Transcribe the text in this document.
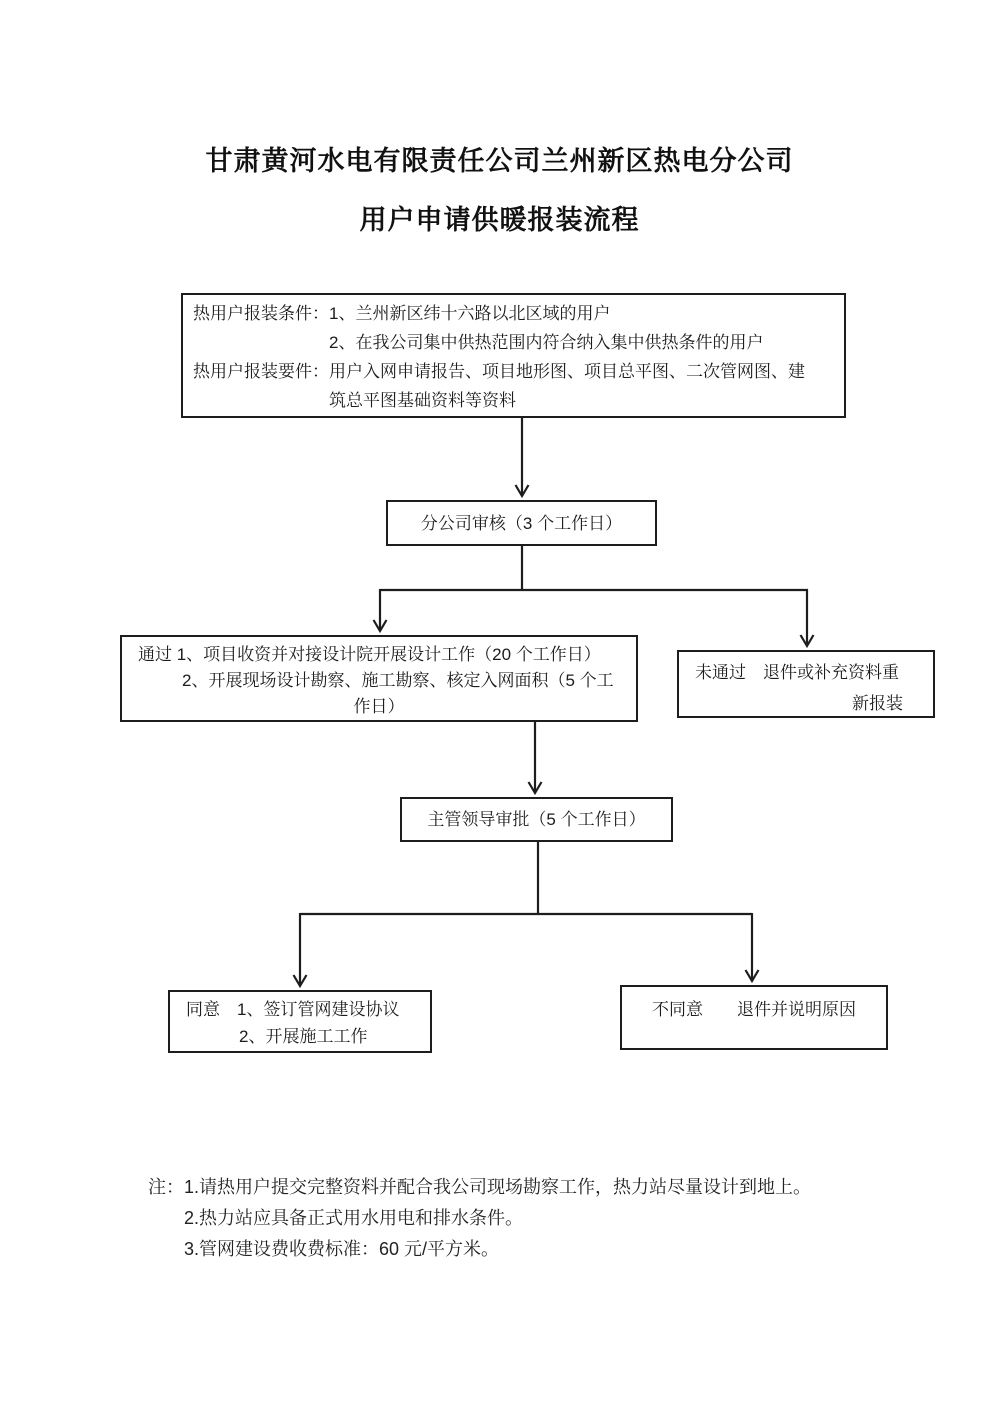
甘肃黄河水电有限责任公司兰州新区热电分公司
用户申请供暖报装流程
热用户报装条件：1、兰州新区纬十六路以北区域的用户
2、在我公司集中供热范围内符合纳入集中供热条件的用户
热用户报装要件：用户入网申请报告、项目地形图、项目总平图、二次管网图、建
筑总平图基础资料等资料
分公司审核（3 个工作日）
通过 1、项目收资并对接设计院开展设计工作（20 个工作日）
2、开展现场设计勘察、施工勘察、核定入网面积（5 个工
作日）
未通过　退件或补充资料重
新报装
主管领导审批（5 个工作日）
同意　1、签订管网建设协议
2、开展施工工作
不同意　　退件并说明原因
注： 1.请热用户提交完整资料并配合我公司现场勘察工作，热力站尽量设计到地上。
2.热力站应具备正式用水用电和排水条件。
3.管网建设费收费标准：60 元/平方米。
